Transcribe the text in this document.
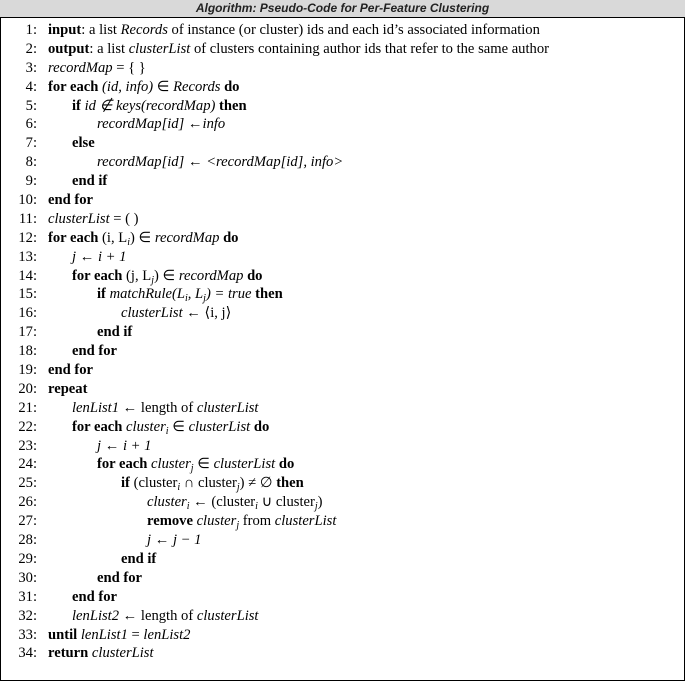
Algorithm: Pseudo-Code for Per-Feature Clustering
1: input: a list Records of instance (or cluster) ids and each id’s associated information
2: output: a list clusterList of clusters containing author ids that refer to the same author
3: recordMap = { }
4: for each (id, info) ∈ Records do
5: if id ∉ keys(recordMap) then
6:	recordMap[id] ←info
7: else
8:	recordMap[id] ← <recordMap[id], info>
9: end if
10: end for
11: clusterList = ( )
12: for each (i, $L_i$) ∈ recordMap do
13: j ← i + 1
14: for each (j, $L_j$) ∈ recordMap do
15:	if $matchRule(L_i$, $L_j$) = true then
16:	clusterList ← ⟨i, j⟩
17:	end if
18: end for
19: end for
20: repeat
21: lenList1 ← length of clusterList
22: for each cluster$_i$ ∈ clusterList do
23:	j ← i + 1
24:	for each cluster$_j$ ∈ clusterList do
25:	if (cluster$_i$ ∩ cluster$_j$) ≠ ∅ then
26:	cluster$_i$ ← (cluster$_i$ ∪ cluster$_j$)
27:	remove cluster$_j$ from clusterList
28:	j ← j − 1
29:	end if
30:	end for
31: end for
32: lenList2 ← length of clusterList
33: until lenList1 = lenList2
34: return clusterList
